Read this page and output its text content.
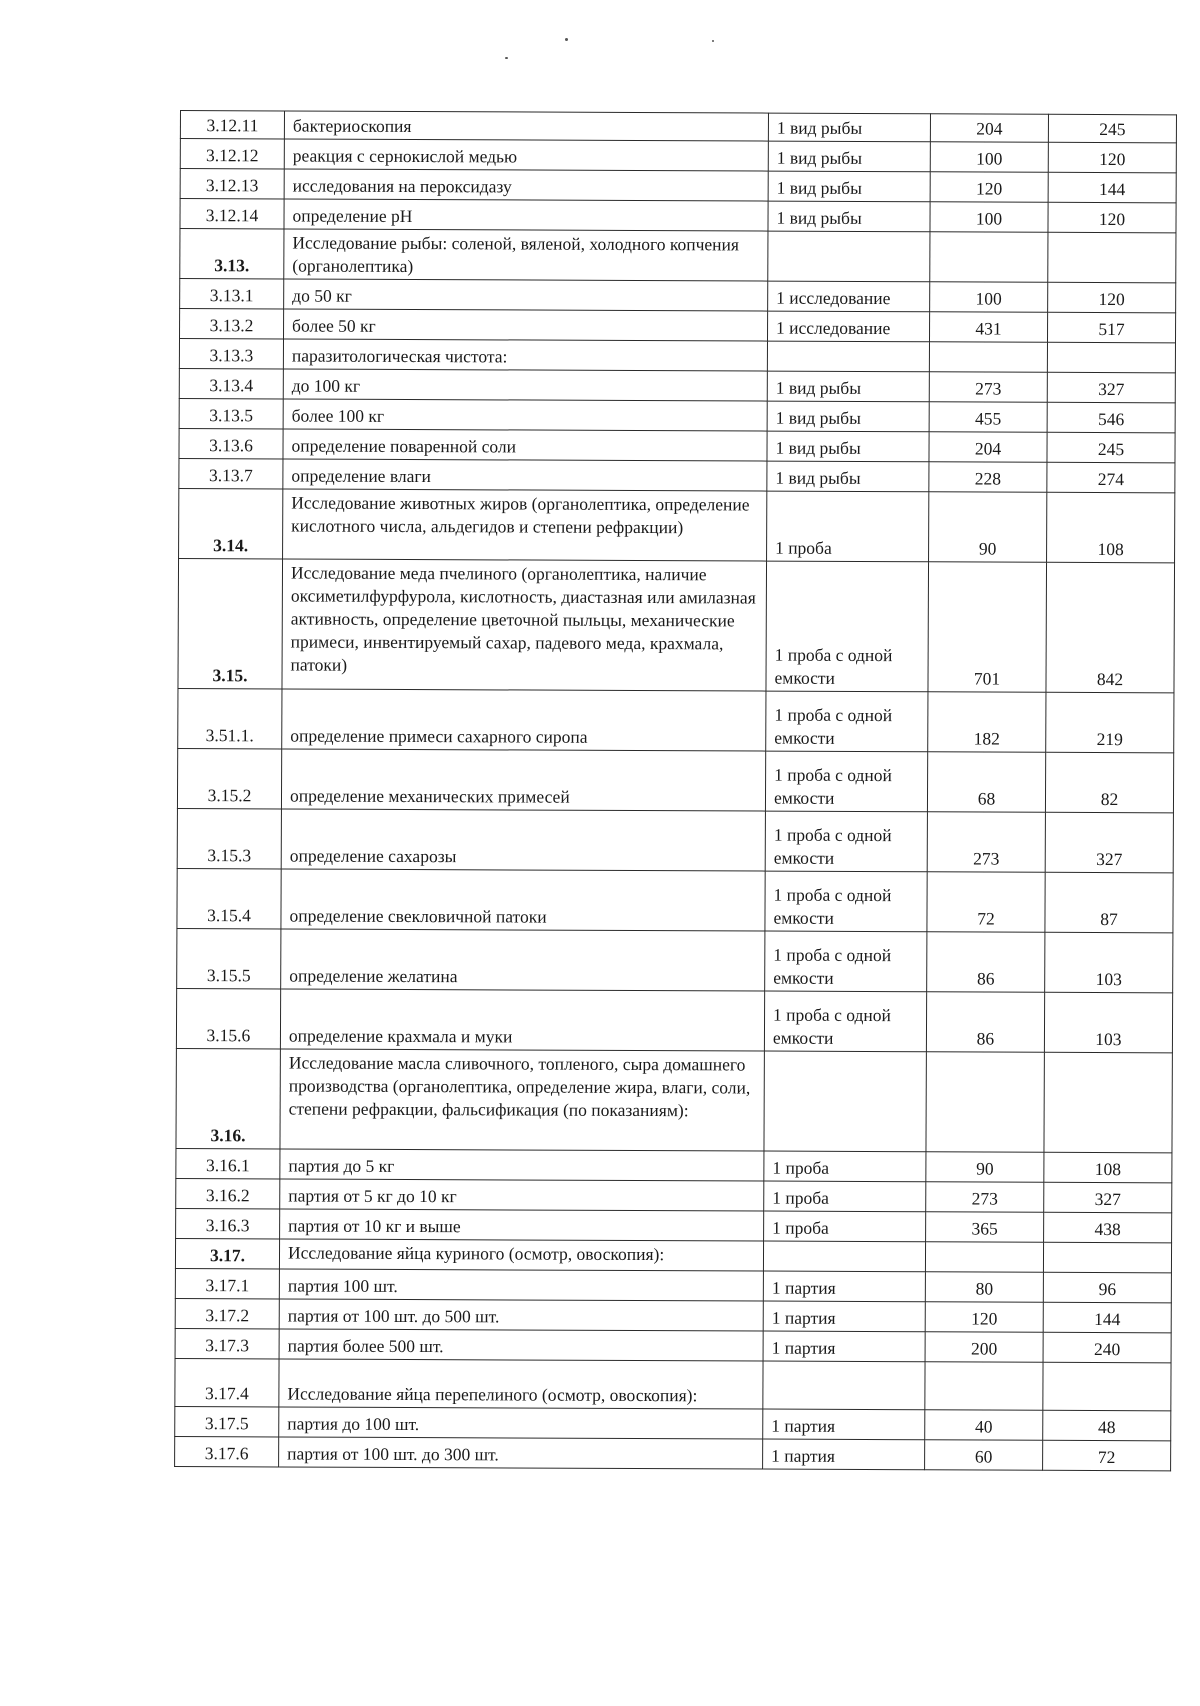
3.12.11	бактериоскопия	1 вид рыбы	204	245
3.12.12	реакция с сернокислой медью	1 вид рыбы	100	120
3.12.13	исследования на пероксидазу	1 вид рыбы	120	144
3.12.14	определение рН	1 вид рыбы	100	120
3.13.	Исследование рыбы: соленой, вяленой, холодного копчения (органолептика)			
3.13.1	до 50 кг	1 исследование	100	120
3.13.2	более 50 кг	1 исследование	431	517
3.13.3	паразитологическая чистота:			
3.13.4	до 100 кг	1 вид рыбы	273	327
3.13.5	более 100 кг	1 вид рыбы	455	546
3.13.6	определение поваренной соли	1 вид рыбы	204	245
3.13.7	определение влаги	1 вид рыбы	228	274
3.14.	Исследование животных жиров (органолептика, определение кислотного числа, альдегидов и степени рефракции)	1 проба	90	108
3.15.	Исследование меда пчелиного (органолептика, наличие оксиметилфурфурола, кислотность, диастазная или амилазная активность, определение цветочной пыльцы, механические примеси, инвентируемый сахар, падевого меда, крахмала, патоки)	1 проба с одной емкости	701	842
3.51.1.	определение примеси сахарного сиропа	1 проба с одной емкости	182	219
3.15.2	определение механических примесей	1 проба с одной емкости	68	82
3.15.3	определение сахарозы	1 проба с одной емкости	273	327
3.15.4	определение свекловичной патоки	1 проба с одной емкости	72	87
3.15.5	определение желатина	1 проба с одной емкости	86	103
3.15.6	определение крахмала и муки	1 проба с одной емкости	86	103
3.16.	Исследование масла сливочного, топленого, сыра домашнего производства (органолептика, определение жира, влаги, соли, степени рефракции, фальсификация (по показаниям):			
3.16.1	партия до 5 кг	1 проба	90	108
3.16.2	партия от 5 кг до 10 кг	1 проба	273	327
3.16.3	партия от 10 кг и выше	1 проба	365	438
3.17.	Исследование яйца куриного (осмотр, овоскопия):			
3.17.1	партия 100 шт.	1 партия	80	96
3.17.2	партия от 100 шт. до 500 шт.	1 партия	120	144
3.17.3	партия более 500 шт.	1 партия	200	240
3.17.4	Исследование яйца перепелиного (осмотр, овоскопия):			
3.17.5	партия до 100 шт.	1 партия	40	48
3.17.6	партия от 100 шт. до 300 шт.	1 партия	60	72
